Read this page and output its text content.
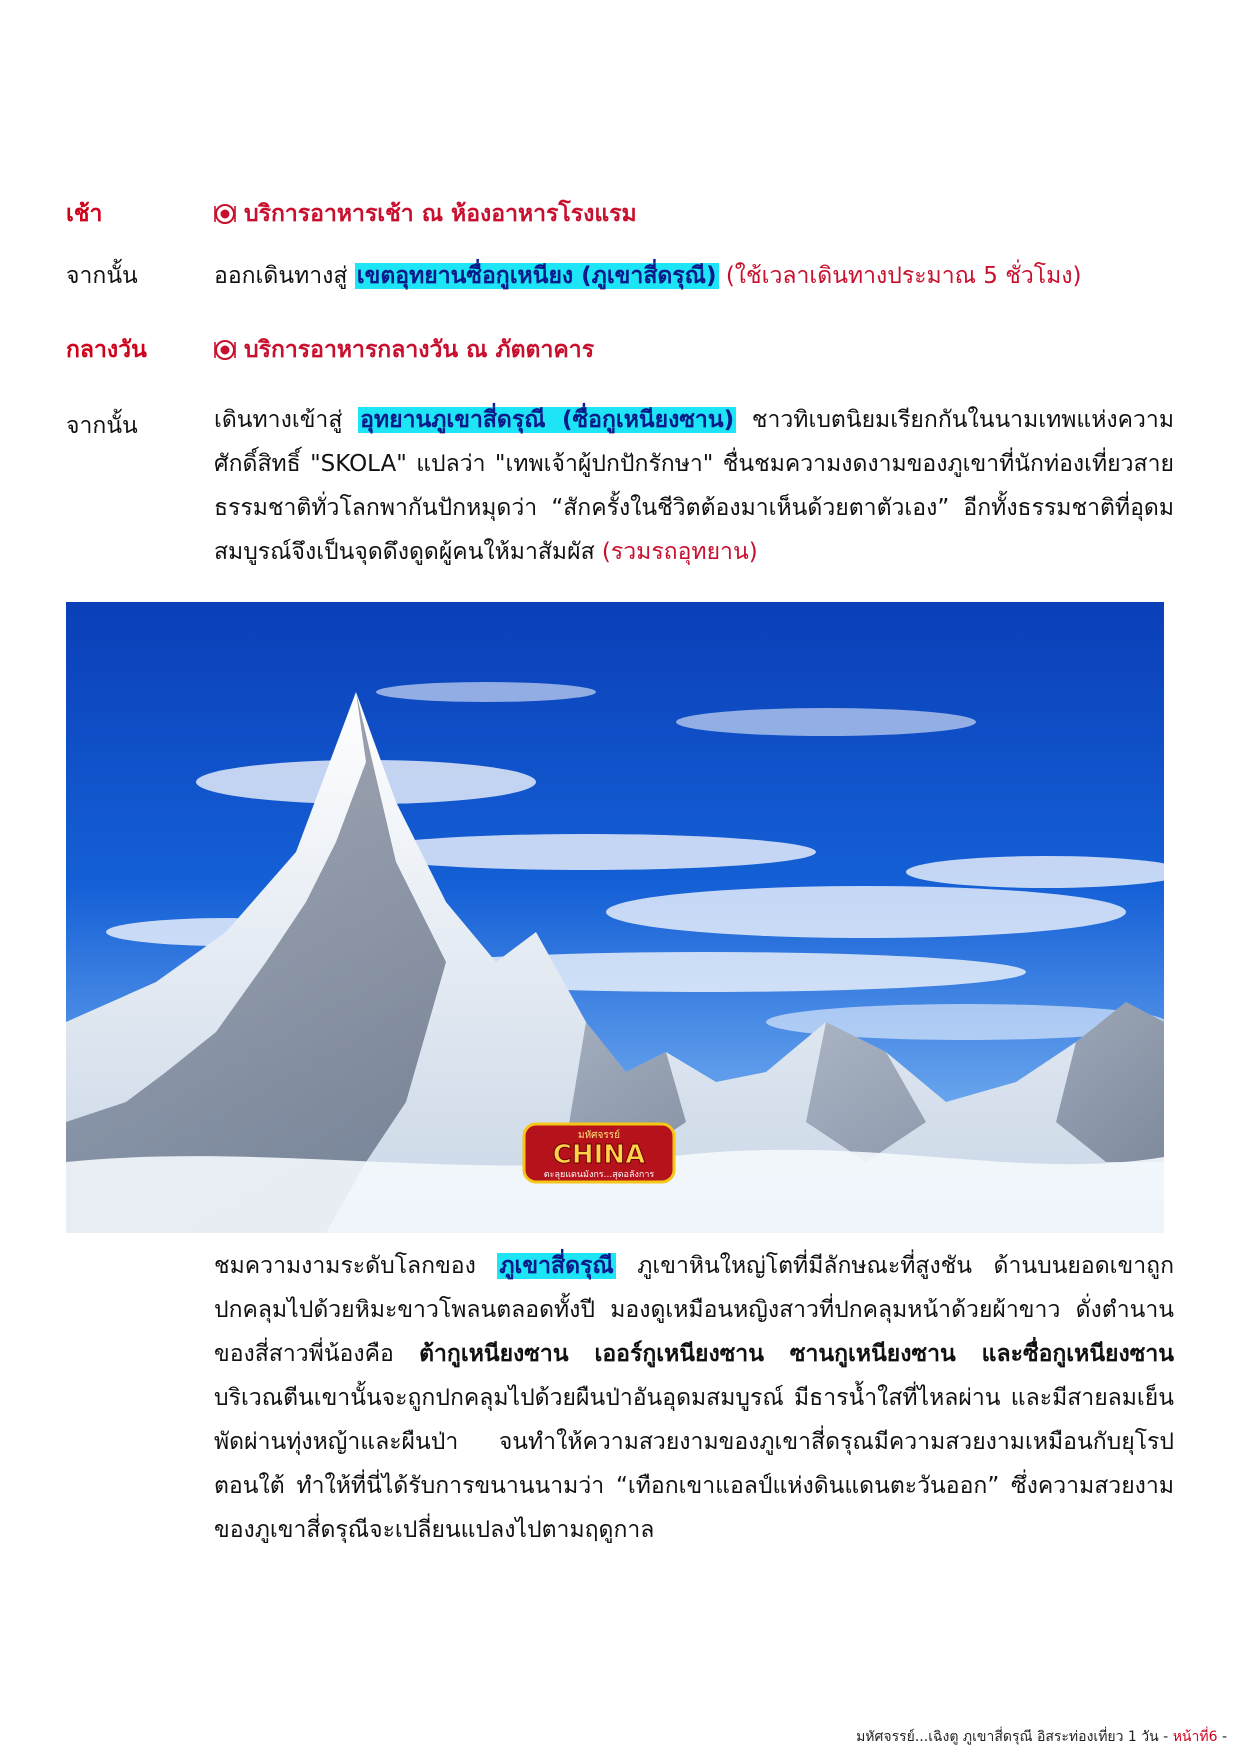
เช้า	บริการอาหารเช้า ณ ห้องอาหารโรงแรม
จากนั้น	ออกเดินทางสู่ เขตอุทยานซื่อกูเหนียง (ภูเขาสี่ดรุณี) (ใช้เวลาเดินทางประมาณ 5 ชั่วโมง)
กลางวัน	บริการอาหารกลางวัน ณ ภัตตาคาร
จากนั้น	เดินทางเข้าสู่ อุทยานภูเขาสี่ดรุณี (ซื่อกูเหนียงซาน) ชาวทิเบตนิยมเรียกกันในนามเทพแห่งความศักดิ์สิทธิ์ "SKOLA" แปลว่า "เทพเจ้าผู้ปกปักรักษา" ชื่นชมความงดงามของภูเขาที่นักท่องเที่ยวสายธรรมชาติทั่วโลกพากันปักหมุดว่า “สักครั้งในชีวิตต้องมาเห็นด้วยตาตัวเอง” อีกทั้งธรรมชาติที่อุดมสมบูรณ์จึงเป็นจุดดึงดูดผู้คนให้มาสัมผัส (รวมรถอุทยาน)
มหัศจรรย์
CHINA
ตะลุยแดนมังกร...สุดอลังการ
ชมความงามระดับโลกของ ภูเขาสี่ดรุณี ภูเขาหินใหญ่โตที่มีลักษณะที่สูงชัน ด้านบนยอดเขาถูกปกคลุมไปด้วยหิมะขาวโพลนตลอดทั้งปี มองดูเหมือนหญิงสาวที่ปกคลุมหน้าด้วยผ้าขาว ดั่งตำนานของสี่สาวพี่น้องคือ ต้ากูเหนียงซาน เออร์กูเหนียงซาน ซานกูเหนียงซาน และซื่อกูเหนียงซาน บริเวณตีนเขานั้นจะถูกปกคลุมไปด้วยผืนป่าอันอุดมสมบูรณ์ มีธารน้ำใสที่ไหลผ่าน และมีสายลมเย็นพัดผ่านทุ่งหญ้าและผืนป่า จนทำให้ความสวยงามของภูเขาสี่ดรุณมีความสวยงามเหมือนกับยุโรปตอนใต้ ทำให้ที่นี่ได้รับการขนานนามว่า “เทือกเขาแอลป์แห่งดินแดนตะวันออก” ซึ่งความสวยงามของภูเขาสี่ดรุณีจะเปลี่ยนแปลงไปตามฤดูกาล
มหัศจรรย์...เฉิงตู ภูเขาสี่ดรุณี อิสระท่องเที่ยว 1 วัน - หน้าที่6 -
